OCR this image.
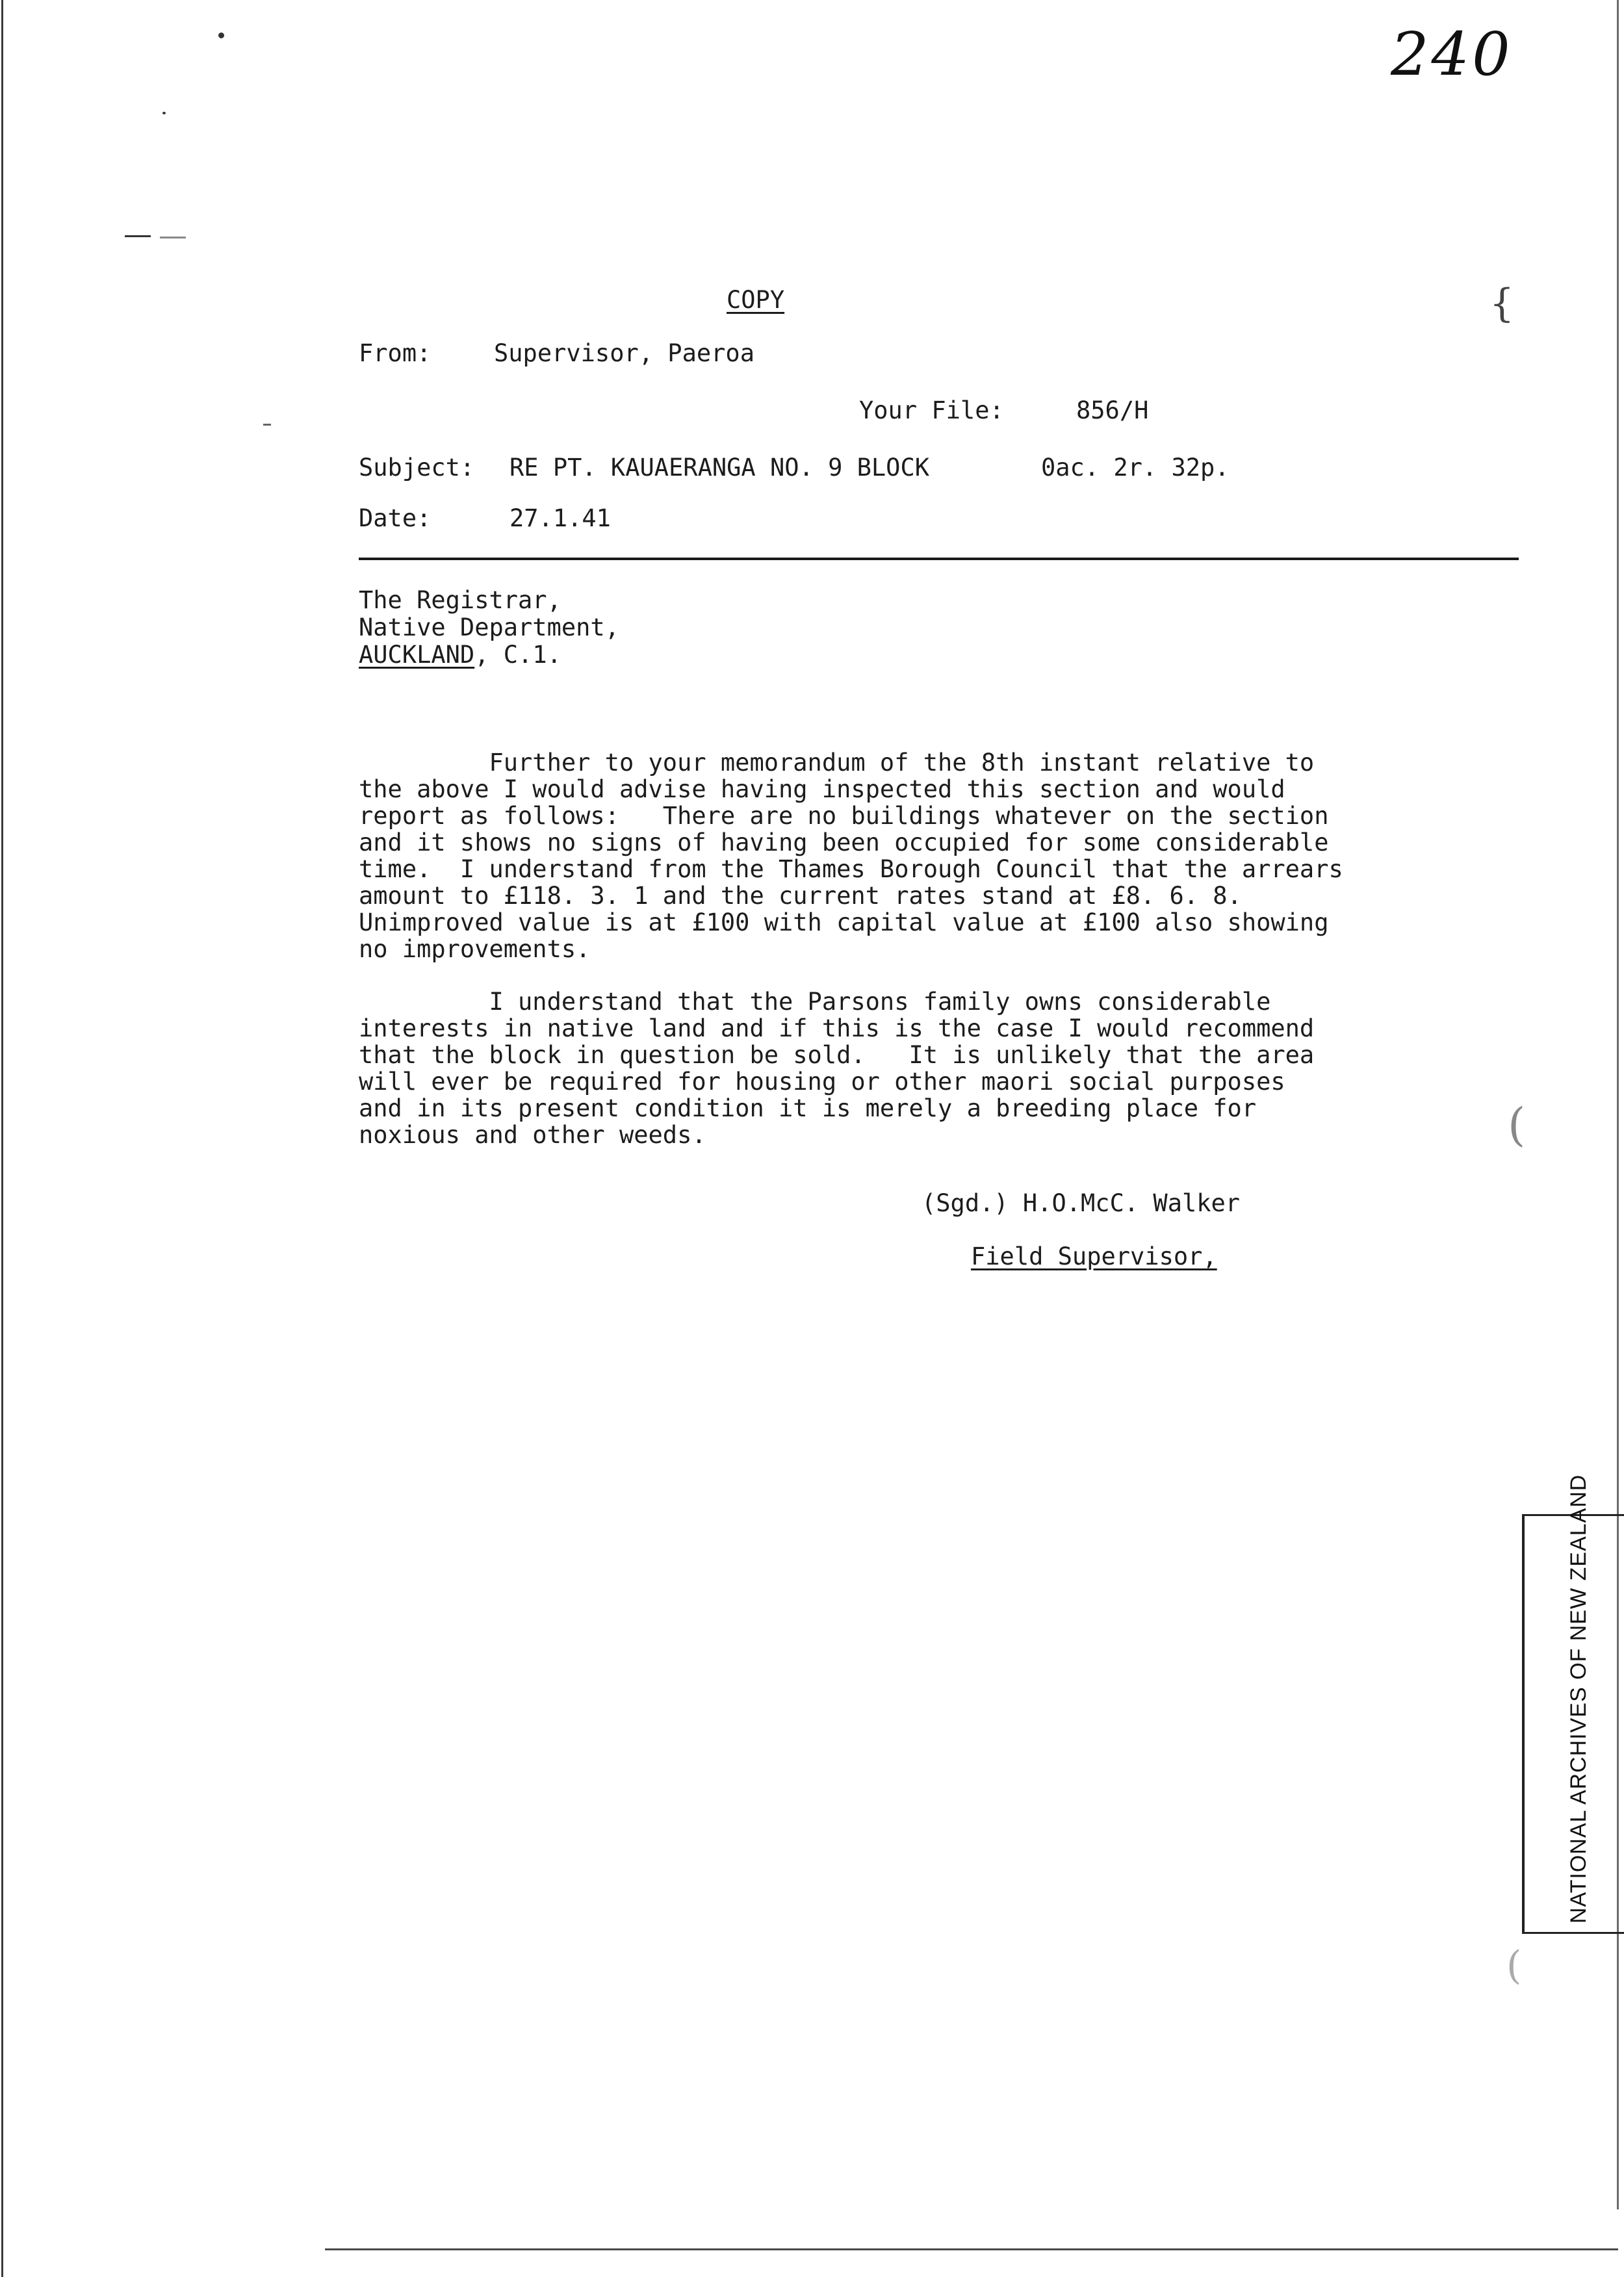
{
(
(
240
COPY
From:	Supervisor, Paeroa
Your File:	856/H
Subject: RE PT. KAUAERANGA NO. 9 BLOCK	0ac. 2r. 32p.
Date:	27.1.41
The Registrar,
Native Department,
AUCKLAND, C.1.

Further to your memorandum of the 8th instant relative to
the above I would advise having inspected this section and would
report as follows:   There are no buildings whatever on the section
and it shows no signs of having been occupied for some considerable
time.  I understand from the Thames Borough Council that the arrears
amount to £118. 3. 1 and the current rates stand at £8. 6. 8.
Unimproved value is at £100 with capital value at £100 also showing
no improvements.

I understand that the Parsons family owns considerable
interests in native land and if this is the case I would recommend
that the block in question be sold.   It is unlikely that the area
will ever be required for housing or other maori social purposes
and in its present condition it is merely a breeding place for
noxious and other weeds.

(Sgd.) H.O.McC. Walker
Field Supervisor,
NATIONAL ARCHIVES OF NEW ZEALAND
